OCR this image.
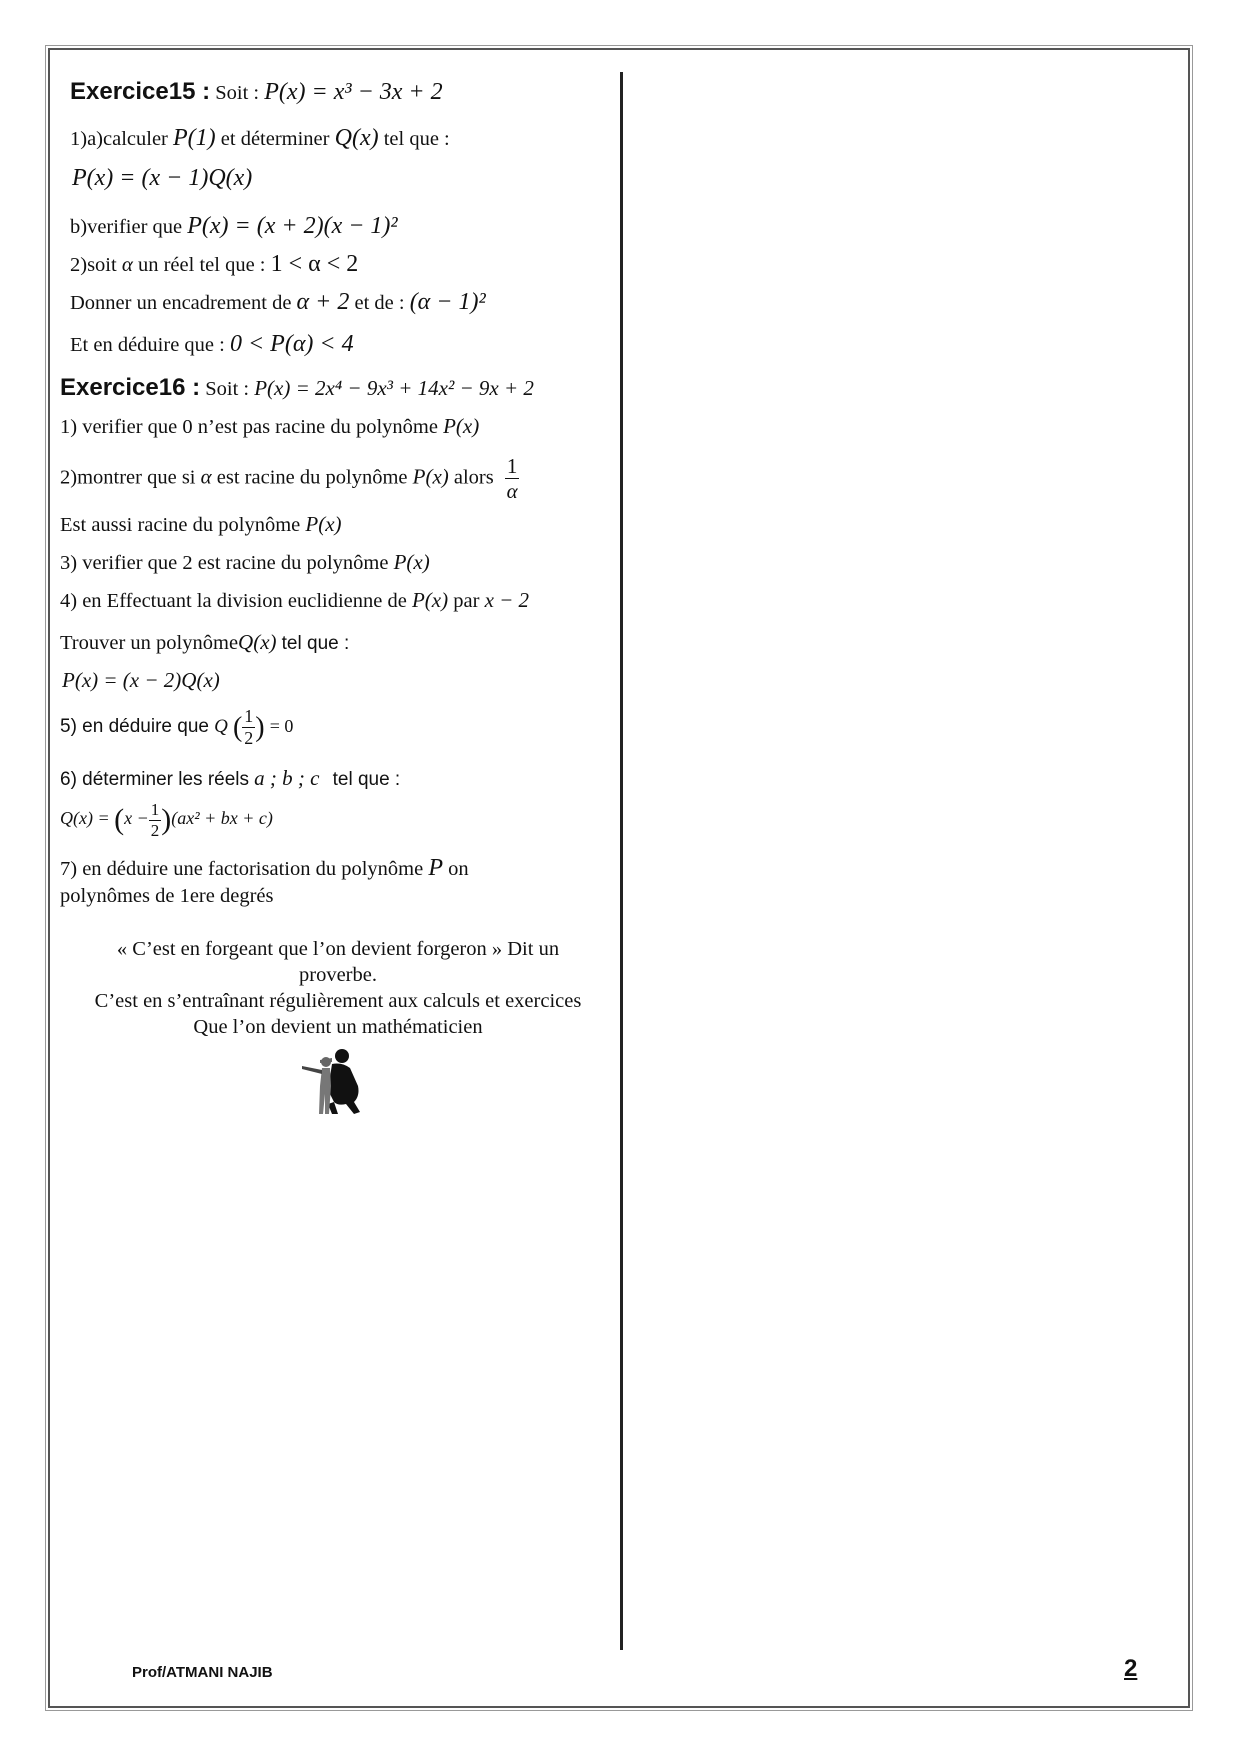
Exercice15 : Soit : P(x) = x³ − 3x + 2
1)a)calculer P(1) et déterminer Q(x) tel que :
P(x) = (x − 1)Q(x)
b)verifier que P(x) = (x + 2)(x − 1)²
2)soit α un réel tel que : 1 < α < 2
Donner un encadrement de α + 2 et de : (α − 1)²
Et en déduire que : 0 < P(α) < 4
Exercice16 : Soit : P(x) = 2x⁴ − 9x³ + 14x² − 9x + 2
1) verifier que 0 n’est pas racine du polynôme P(x)
2)montrer que si α est racine du polynôme P(x) alors $\frac{1}{\alpha}$
Est aussi racine du polynôme P(x)
3) verifier que 2 est racine du polynôme P(x)
4) en Effectuant la division euclidienne de P(x) par x − 2
Trouver un polynômeQ(x) tel que :
P(x) = (x − 2)Q(x)
5) en déduire que Q ( $\frac{1}{2}$ ) = 0
6) déterminer les réels a ; b ; c tel que :
$Q(x) = (x - \frac{1}{2} )(ax^2$ + bx + c)
7) en déduire une factorisation du polynôme P on
polynômes de 1ere degrés
« C’est en forgeant que l’on devient forgeron » Dit un
proverbe.
C’est en s’entraînant régulièrement aux calculs et exercices
Que l’on devient un mathématicien
Prof/ATMANI NAJIB	2
